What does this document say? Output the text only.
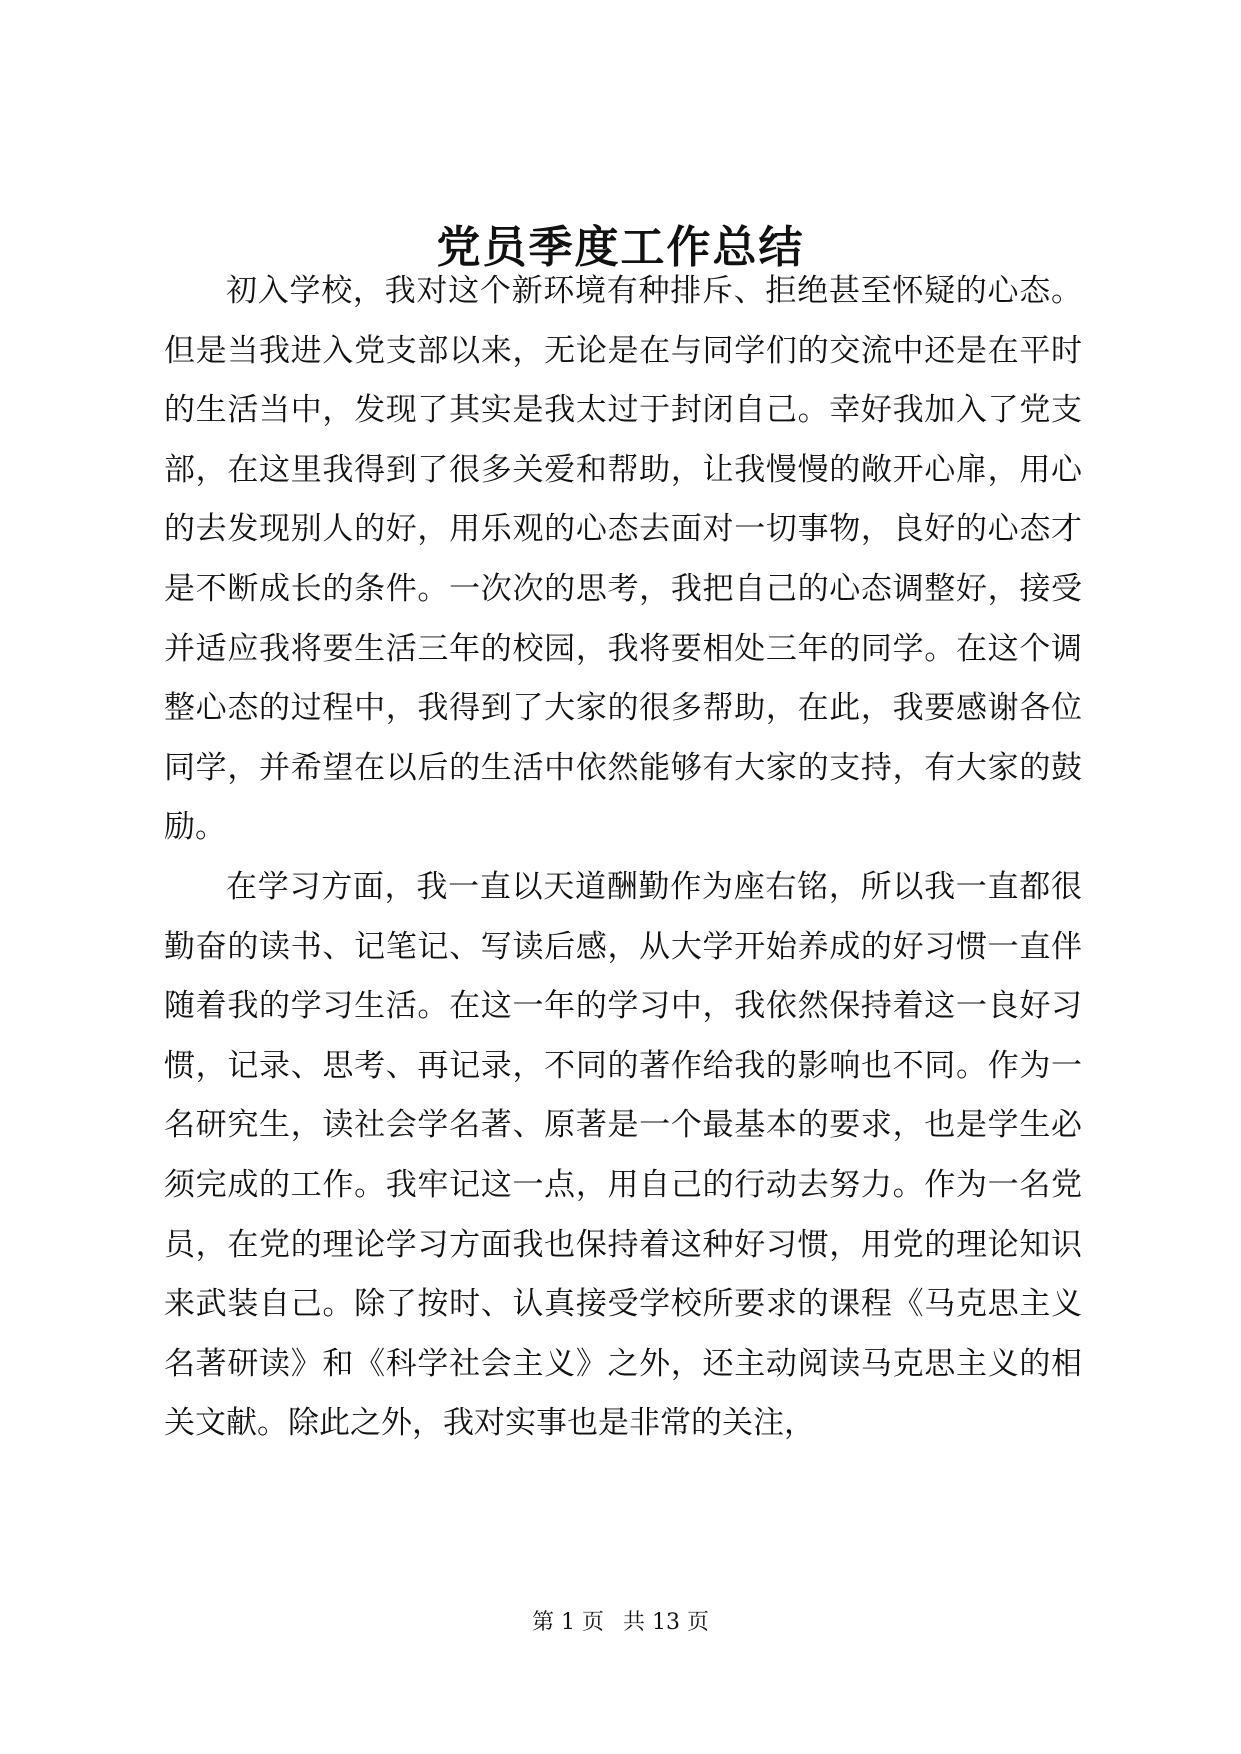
党员季度工作总结

初入学校，我对这个新环境有种排斥、拒绝甚至怀疑的心态。但是当我进入党支部以来，无论是在与同学们的交流中还是在平时的生活当中，发现了其实是我太过于封闭自己。幸好我加入了党支部，在这里我得到了很多关爱和帮助，让我慢慢的敞开心扉，用心的去发现别人的好，用乐观的心态去面对一切事物，良好的心态才是不断成长的条件。一次次的思考，我把自己的心态调整好，接受并适应我将要生活三年的校园，我将要相处三年的同学。在这个调整心态的过程中，我得到了大家的很多帮助，在此，我要感谢各位同学，并希望在以后的生活中依然能够有大家的支持，有大家的鼓励。

在学习方面，我一直以天道酬勤作为座右铭，所以我一直都很勤奋的读书、记笔记、写读后感，从大学开始养成的好习惯一直伴随着我的学习生活。在这一年的学习中，我依然保持着这一良好习惯，记录、思考、再记录，不同的著作给我的影响也不同。作为一名研究生，读社会学名著、原著是一个最基本的要求，也是学生必须完成的工作。我牢记这一点，用自己的行动去努力。作为一名党员，在党的理论学习方面我也保持着这种好习惯，用党的理论知识来武装自己。除了按时、认真接受学校所要求的课程《马克思主义名著研读》和《科学社会主义》之外，还主动阅读马克思主义的相关文献。除此之外，我对实事也是非常的关注，

第 1 页 共 13 页
